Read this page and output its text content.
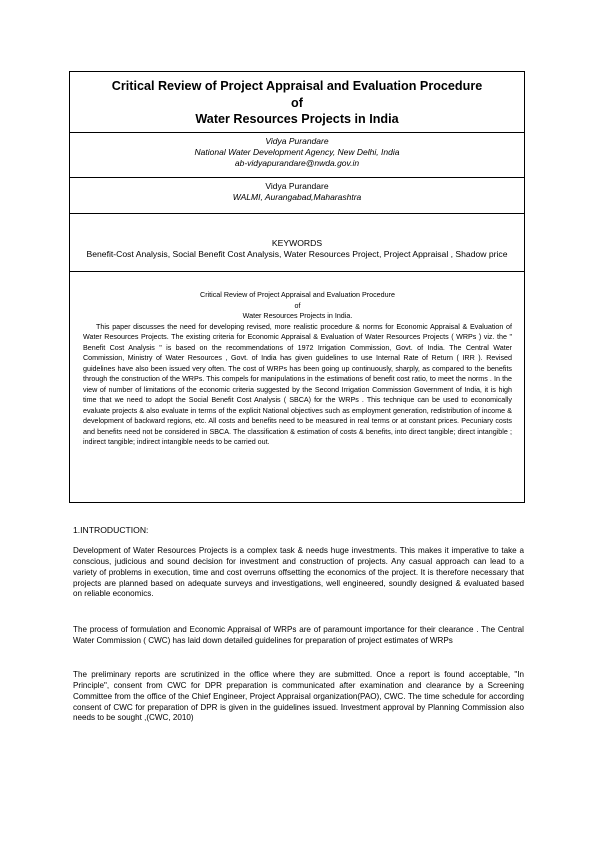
Critical Review of Project Appraisal and Evaluation Procedure
of
Water Resources Projects in India
Vidya Purandare
National Water Development Agency, New Delhi, India
ab-vidyapurandare@nwda.gov.in
Vidya Purandare
WALMI, Aurangabad,Maharashtra
KEYWORDS
Benefit-Cost Analysis, Social Benefit Cost Analysis, Water Resources Project, Project Appraisal , Shadow price
Critical Review of Project Appraisal and Evaluation Procedure
of
Water Resources Projects in India.

This paper discusses the need for developing revised, more realistic procedure & norms for Economic Appraisal & Evaluation of Water Resources Projects. The existing criteria for Economic Appraisal & Evaluation of Water Resources Projects ( WRPs ) viz. the " Benefit Cost Analysis " is based on the recommendations of 1972 Irrigation Commission, Govt. of India. The Central Water Commission, Ministry of Water Resources , Govt. of India has given guidelines to use Internal Rate of Return ( IRR ). Revised guidelines have also been issued very often. The cost of WRPs has been going up continuously, sharply, as compared to the benefits through the construction of the WRPs. This compels for manipulations in the estimations of benefit cost ratio, to meet the norms . In the view of number of limitations of the economic criteria suggested by the Second Irrigation Commission Government of India, it is high time that we need to adopt the Social Benefit Cost Analysis ( SBCA) for the WRPs . This technique can be used to economically evaluate projects & also evaluate in terms of the explicit National objectives such as employment generation, redistribution of income & development of backward regions, etc. All costs and benefits need to be measured in real terms or at constant prices. Pecuniary costs and benefits need not be considered in SBCA. The classification & estimation of costs & benefits, into direct tangible; direct intangible ; indirect tangible; indirect intangible needs to be carried out.

1.INTRODUCTION:

Development of Water Resources Projects is a complex task & needs huge investments. This makes it imperative to take a conscious, judicious and sound decision for investment and construction of projects. Any casual approach can lead to a variety of problems in execution, time and cost overruns offsetting the economics of the project. It is therefore necessary that projects are planned based on adequate surveys and investigations, well engineered, soundly designed & evaluated based on reliable economics.

The process of formulation and Economic Appraisal of WRPs are of paramount importance for their clearance . The Central Water Commission ( CWC) has laid down detailed guidelines for preparation of project estimates of WRPs

The preliminary reports are scrutinized in the office where they are submitted. Once a report is found acceptable, "In Principle", consent from CWC for DPR preparation is communicated after examination and clearance by a Screening Committee from the office of the Chief Engineer, Project Appraisal organization(PAO), CWC. The time schedule for according consent of CWC for preparation of DPR is given in the guidelines issued. Investment approval by Planning Commission also needs to be sought ,(CWC, 2010)
